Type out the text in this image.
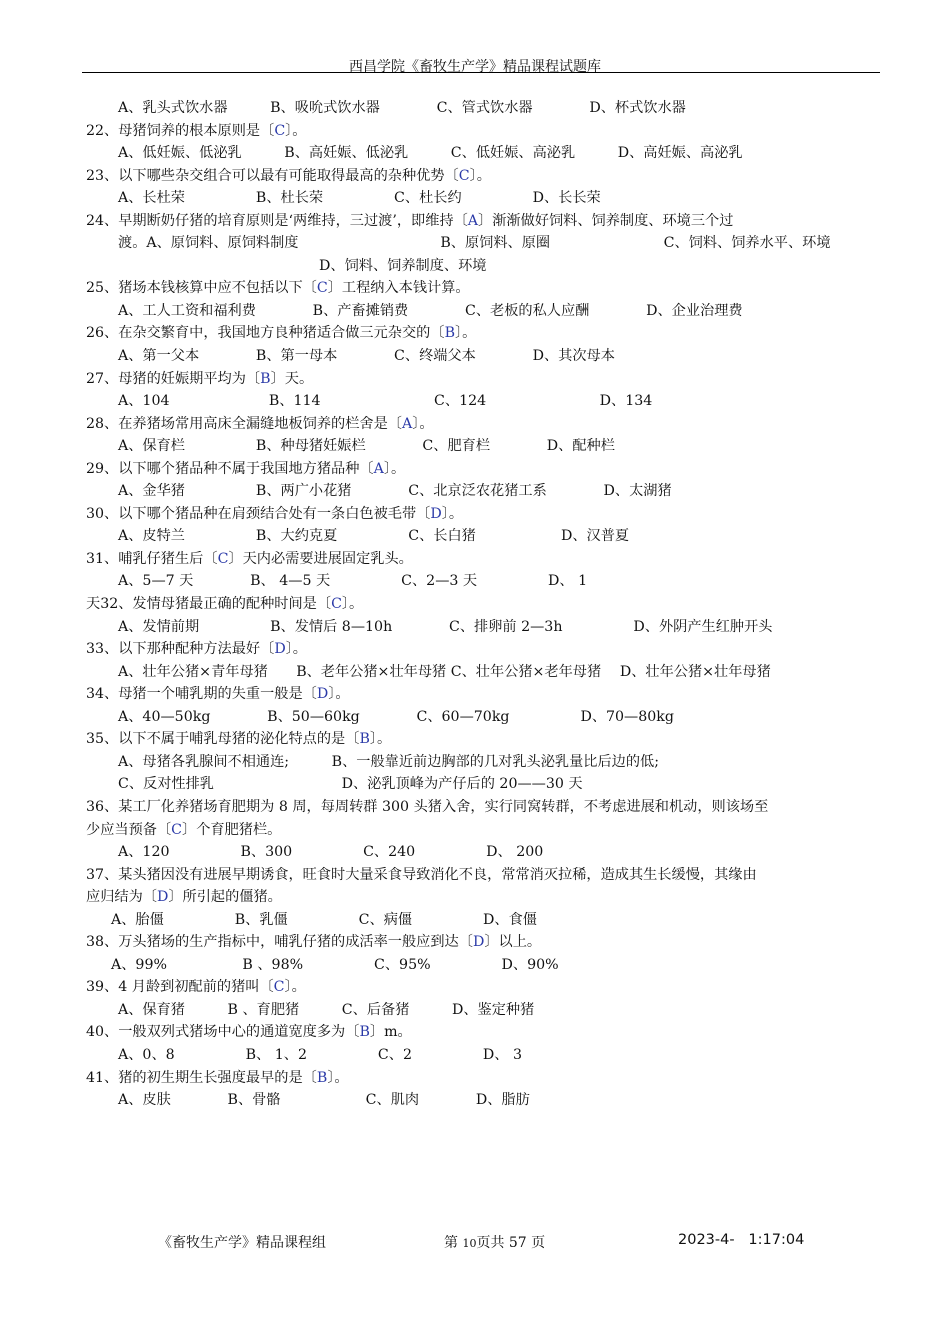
西昌学院《畜牧生产学》精品课程试题库
A、乳头式饮水器　　　B、吸吮式饮水器　　　　C、管式饮水器　　　　D、杯式饮水器
22、母猪饲养的根本原则是〔C〕。
A、低妊娠、低泌乳　　　B、高妊娠、低泌乳　　　C、低妊娠、高泌乳　　　D、高妊娠、高泌乳
23、以下哪些杂交组合可以最有可能取得最高的杂种优势〔C〕。
A、长杜荣　　　　　B、杜长荣　　　　　C、杜长约　　　　　D、长长荣
24、早期断奶仔猪的培育原则是‘两维持，三过渡’，即维持〔A〕渐渐做好饲料、饲养制度、环境三个过
渡。A、原饲料、原饲料制度　　　　　　　　　　B、原饲料、原圈　　　　　　　　C、饲料、饲养水平、环境
D、饲料、饲养制度、环境
25、猪场本钱核算中应不包括以下〔C〕工程纳入本钱计算。
A、工人工资和福利费　　　　B、产畜摊销费　　　　C、老板的私人应酬　　　　D、企业治理费
26、在杂交繁育中，我国地方良种猪适合做三元杂交的〔B〕。
A、第一父本　　　　B、第一母本　　　　C、终端父本　　　　D、其次母本
27、母猪的妊娠期平均为〔B〕天。
A、104　　　　　　　B、114　　　　　　　　C、124　　　　　　　　D、134
28、在养猪场常用高床全漏缝地板饲养的栏舍是〔A〕。
A、保育栏　　　　　B、种母猪妊娠栏　　　　C、肥育栏　　　　D、配种栏
29、以下哪个猪品种不属于我国地方猪品种〔A〕。
A、金华猪　　　　　B、两广小花猪　　　　C、北京泛农花猪工系　　　　D、太湖猪
30、以下哪个猪品种在肩颈结合处有一条白色被毛带〔D〕。
A、皮特兰　　　　　B、大约克夏　　　　　C、长白猪　　　　　　D、汉普夏
31、哺乳仔猪生后〔C〕天内必需要进展固定乳头。
A、5—7 天　　　　B、 4—5 天　　　　　C、2—3 天　　　　　D、 1
天32、发情母猪最正确的配种时间是〔C〕。
A、发情前期　　　　　B、发情后 8—10h　　　　C、排卵前 2—3h　　　　　D、外阴产生红肿开头
33、以下那种配种方法最好〔D〕。
A、壮年公猪×青年母猪　　B、老年公猪×壮年母猪 C、壮年公猪×老年母猪　 D、壮年公猪×壮年母猪
34、母猪一个哺乳期的失重一般是〔D〕。
A、40—50kg　　　　B、50—60kg　　　　C、60—70kg　　　　　D、70—80kg
35、以下不属于哺乳母猪的泌化特点的是〔B〕。
A、母猪各乳腺间不相通连;　　　B、一般靠近前边胸部的几对乳头泌乳量比后边的低;
C、反对性排乳　　　　　　　　　D、泌乳顶峰为产仔后的 20——30 天
36、某工厂化养猪场育肥期为 8 周，每周转群 300 头猪入舍，实行同窝转群，不考虑进展和机动，则该场至
少应当预备〔C〕个育肥猪栏。
A、120　　　　　B、300　　　　　C、240　　　　　D、 200
37、某头猪因没有进展早期诱食，旺食时大量采食导致消化不良，常常消灭拉稀，造成其生长缓慢，其缘由
应归结为〔D〕所引起的僵猪。
A、胎僵　　　　　B、乳僵　　　　　C、病僵　　　　　D、食僵
38、万头猪场的生产指标中，哺乳仔猪的成活率一般应到达〔D〕以上。
A、99%　　　　　 B 、98%　　　　　C、95%　　　　　D、90%
39、4 月龄到初配前的猪叫〔C〕。
A、保育猪　　　B 、育肥猪　　　C、后备猪　　　D、鉴定种猪
40、一般双列式猪场中心的通道宽度多为〔B〕m。
A、0、8　　　　　B、 1、2　　　　　C、2　　　　　D、 3
41、猪的初生期生长强度最早的是〔B〕。
A、皮肤　　　　B、骨骼　　　　　　C、肌肉　　　　D、脂肪
《畜牧生产学》精品课程组	第 10页共 57 页	2023-4- 1:17:04
